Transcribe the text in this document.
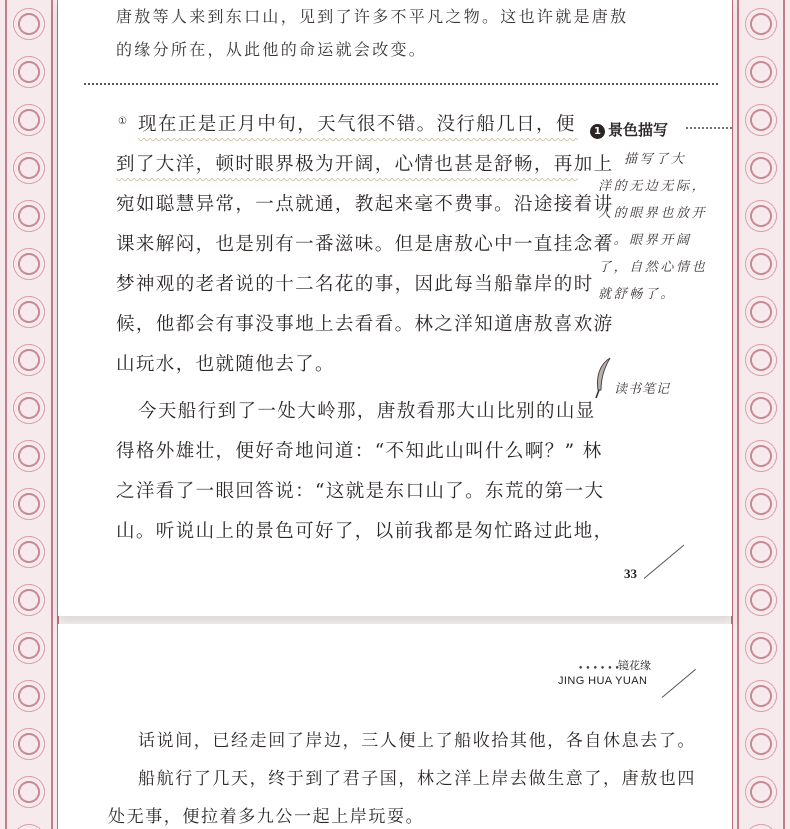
唐敖等人来到东口山，见到了许多不平凡之物。这也许就是唐敖

的缘分所在，从此他的命运就会改变。

① 现在正是正月中旬，天气很不错。没行船几日，便

到了大洋，顿时眼界极为开阔，心情也甚是舒畅，再加上

宛如聪慧异常，一点就通，教起来毫不费事。沿途接着讲

课来解闷，也是别有一番滋味。但是唐敖心中一直挂念着

梦神观的老者说的十二名花的事，因此每当船靠岸的时

候，他都会有事没事地上去看看。林之洋知道唐敖喜欢游

山玩水，也就随他去了。

今天船行到了一处大岭那，唐敖看那大山比别的山显

得格外雄壮，便好奇地问道：“不知此山叫什么啊？” 林

之洋看了一眼回答说：“这就是东口山了。东荒的第一大

山。听说山上的景色可好了，以前我都是匆忙路过此地，

1 景色描写

描写了大

洋的无边无际，

人的眼界也放开

了。眼界开阔

了，自然心情也

就舒畅了。

读书笔记
33
••••••
镜花缘
JING HUA YUAN

话说间，已经走回了岸边，三人便上了船收拾其他，各自休息去了。

船航行了几天，终于到了君子国，林之洋上岸去做生意了，唐敖也四

处无事，便拉着多九公一起上岸玩耍。
